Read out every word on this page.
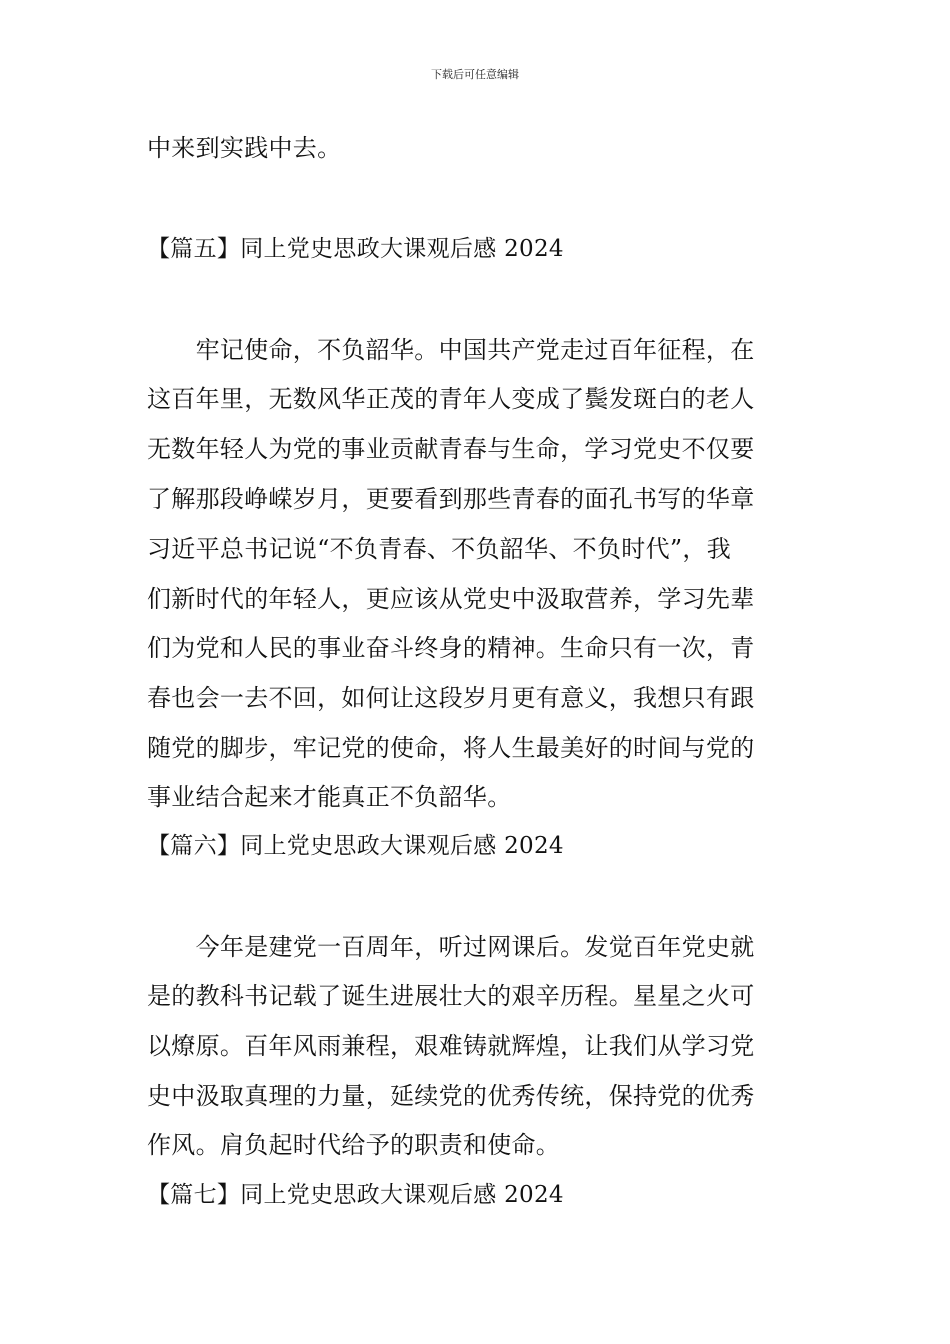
下载后可任意编辑
中来到实践中去。
【篇五】同上党史思政大课观后感 2024
　　牢记使命，不负韶华。中国共产党走过百年征程，在
这百年里，无数风华正茂的青年人变成了鬓发斑白的老人
无数年轻人为党的事业贡献青春与生命，学习党史不仅要
了解那段峥嵘岁月，更要看到那些青春的面孔书写的华章
习近平总书记说“不负青春、不负韶华、不负时代”，我
们新时代的年轻人，更应该从党史中汲取营养，学习先辈
们为党和人民的事业奋斗终身的精神。生命只有一次，青
春也会一去不回，如何让这段岁月更有意义，我想只有跟
随党的脚步，牢记党的使命，将人生最美好的时间与党的
事业结合起来才能真正不负韶华。
【篇六】同上党史思政大课观后感 2024
　　今年是建党一百周年，听过网课后。发觉百年党史就
是的教科书记载了诞生进展壮大的艰辛历程。星星之火可
以燎原。百年风雨兼程，艰难铸就辉煌，让我们从学习党
史中汲取真理的力量，延续党的优秀传统，保持党的优秀
作风。肩负起时代给予的职责和使命。
【篇七】同上党史思政大课观后感 2024
